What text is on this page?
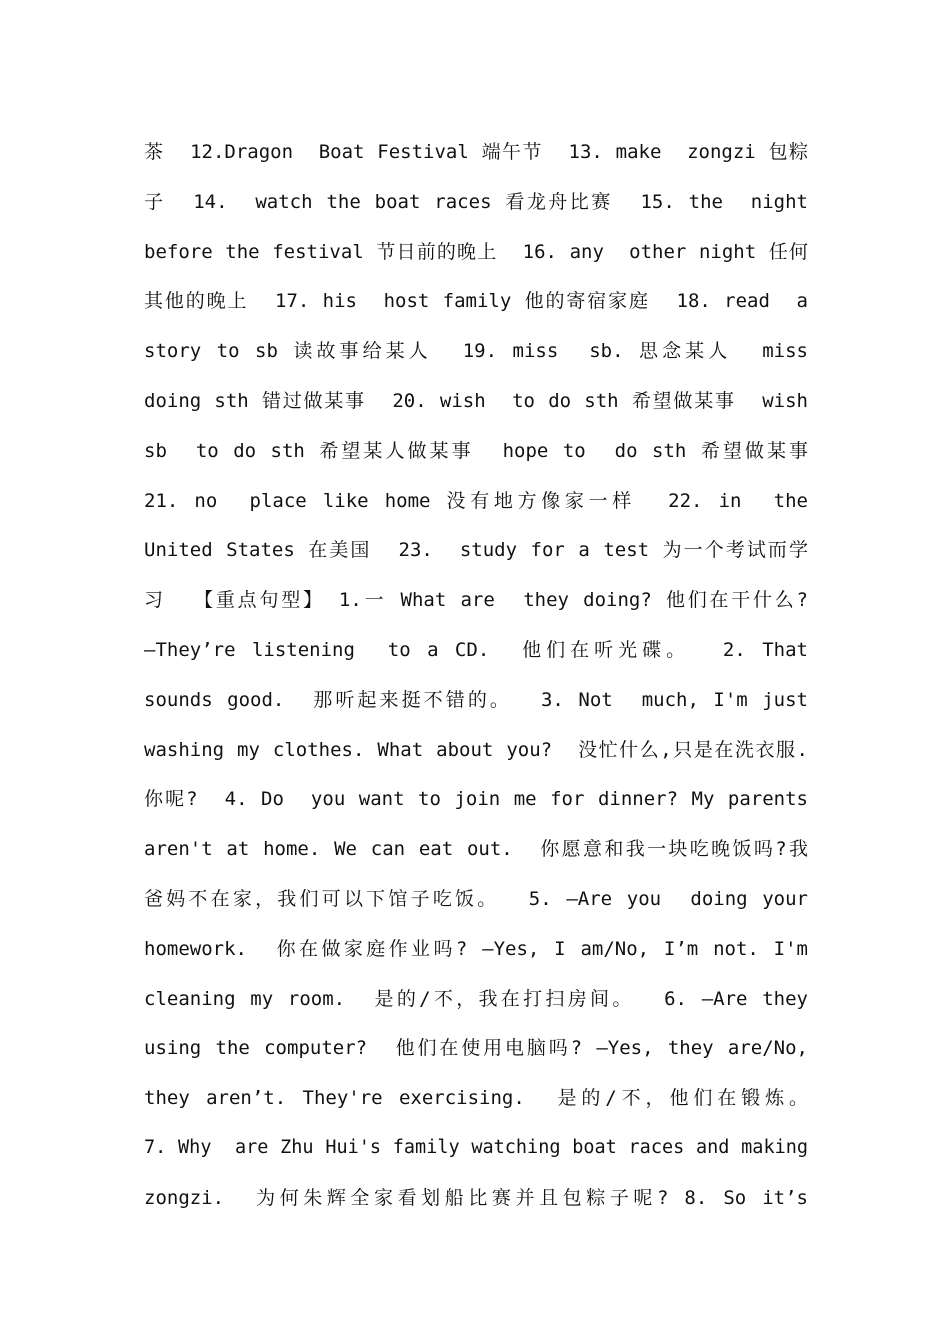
茶  12.Dragon  Boat Festival 端午节  13. make  zongzi 包粽
子  14.  watch the boat races 看龙舟比赛  15. the  night
before the festival 节日前的晚上  16. any  other night 任何
其他的晚上  17. his  host family 他的寄宿家庭  18. read  a
story to sb 读故事给某人  19. miss  sb. 思念某人  miss
doing sth 错过做某事  20. wish  to do sth 希望做某事  wish
sb  to do sth 希望某人做某事  hope to  do sth 希望做某事
21. no  place like home 没有地方像家一样  22. in  the
United States 在美国  23.  study for a test 为一个考试而学
习  【重点句型】 1.一 What are  they doing? 他们在干什么?
—They’re listening  to a CD.  他们在听光碟。  2. That
sounds good.  那听起来挺不错的。  3. Not  much, I'm just
washing my clothes. What about you?  没忙什么,只是在洗衣服.
你呢?  4. Do  you want to join me for dinner? My parents
aren't at home. We can eat out.  你愿意和我一块吃晚饭吗?我
爸妈不在家，我们可以下馆子吃饭。  5. —Are you  doing your
homework.  你在做家庭作业吗? —Yes, I am/No, I’m not. I'm
cleaning my room.  是的/不，我在打扫房间。  6. —Are they
using the computer?  他们在使用电脑吗? —Yes, they are/No,
they aren’t. They're exercising.  是的/不，他们在锻炼。
7. Why  are Zhu Hui's family watching boat races and making
zongzi.  为何朱辉全家看划船比赛并且包粽子呢? 8. So it’s
